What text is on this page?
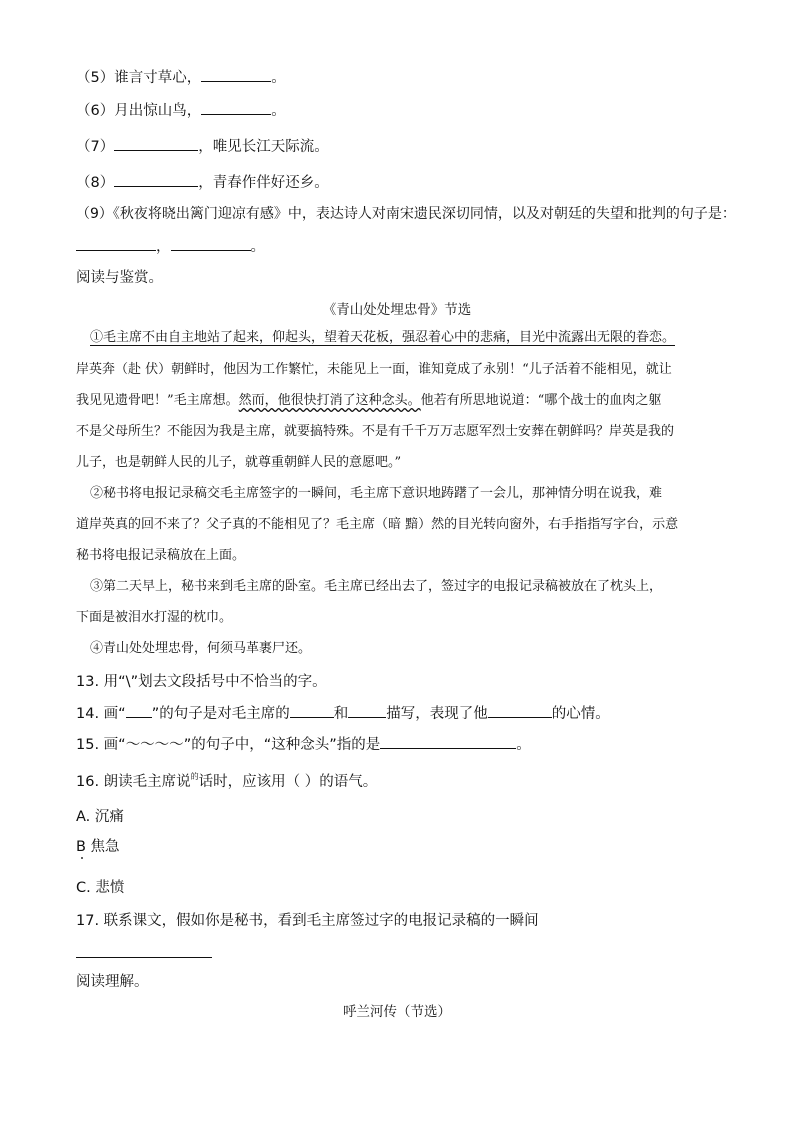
（5）谁言寸草心，	。
（6）月出惊山鸟，	。
（7）	，唯见长江天际流。
（8）	，青春作伴好还乡。
（9）《秋夜将晓出篱门迎凉有感》中，表达诗人对南宋遗民深切同情，以及对朝廷的失望和批判的句子是：
，	。
阅读与鉴赏。
《青山处处埋忠骨》节选
①毛主席不由自主地站了起来，仰起头，望着天花板，强忍着心中的悲痛，目光中流露出无限的眷恋。
岸英奔（赴 伏）朝鲜时，他因为工作繁忙，未能见上一面，谁知竟成了永别！“儿子活着不能相见，就让
我见见遗骨吧！”毛主席想。然而，他很快打消了这种念头。他若有所思地说道：“哪个战士的血肉之躯
不是父母所生？不能因为我是主席，就要搞特殊。不是有千千万万志愿军烈士安葬在朝鲜吗？岸英是我的
儿子，也是朝鲜人民的儿子，就尊重朝鲜人民的意愿吧。”
②秘书将电报记录稿交毛主席签字的一瞬间，毛主席下意识地踌躇了一会儿，那神情分明在说我，难
道岸英真的回不来了？父子真的不能相见了？毛主席（暗 黯）然的目光转向窗外，右手指指写字台，示意
秘书将电报记录稿放在上面。
③第二天早上，秘书来到毛主席的卧室。毛主席已经出去了，签过字的电报记录稿被放在了枕头上，
下面是被泪水打湿的枕巾。
④青山处处埋忠骨，何须马革裹尸还。
13. 用“\”划去文段括号中不恰当的字。
14. 画“ ”的句子是对毛主席的	和	描写，表现了他	的心情。
15. 画“～～～～”的句子中，“这种念头”指的是	。
16. 朗读毛主席说$^的$话时，应该用（ ）的语气。
A. 沉痛
B 焦急
C. 悲愤
17. 联系课文，假如你是秘书，看到毛主席签过字的电报记录稿的一瞬间
阅读理解。
呼兰河传（节选）
